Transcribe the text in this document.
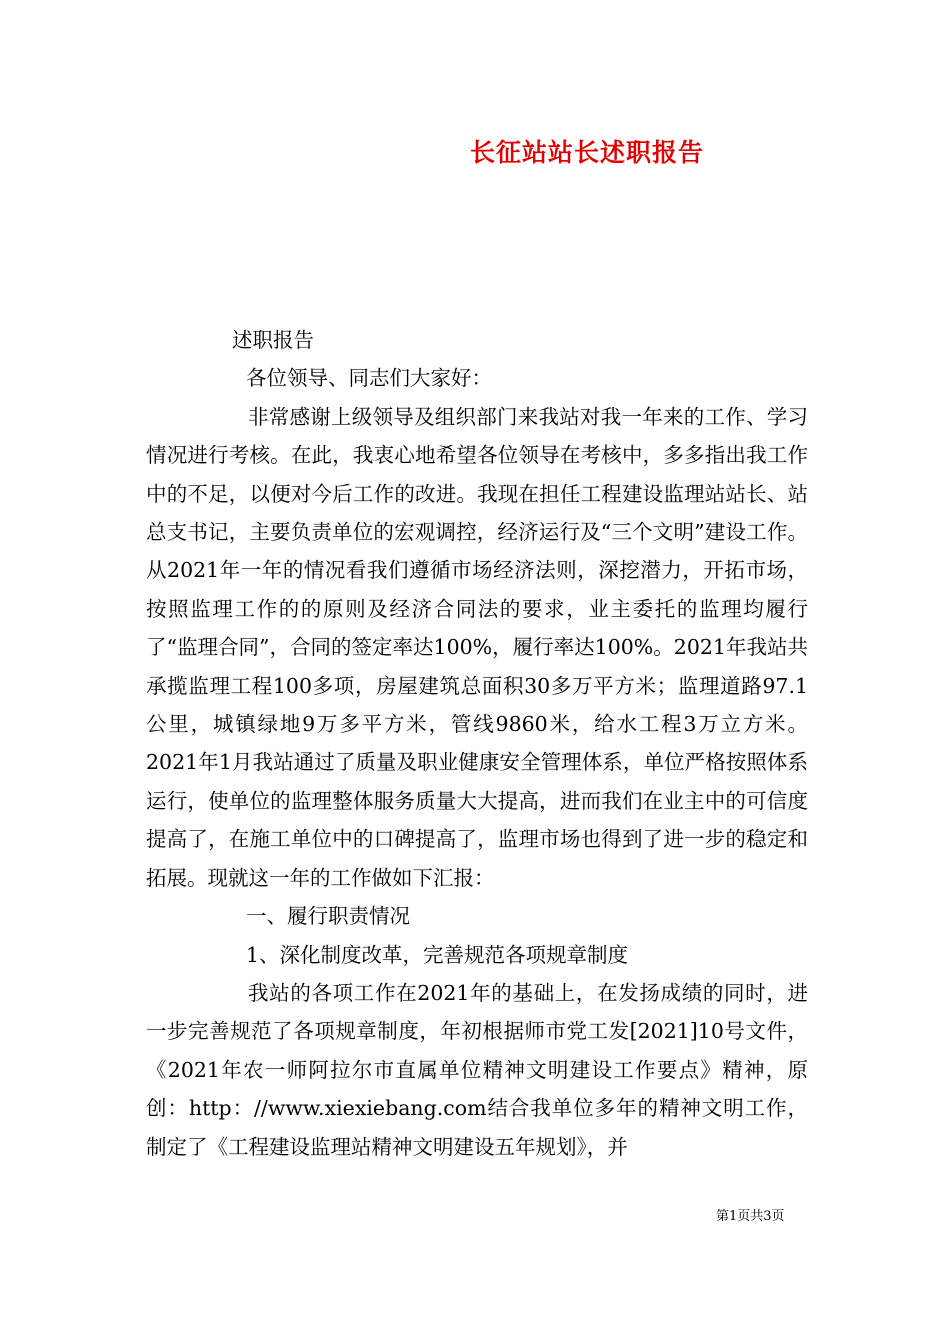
长征站站长述职报告

述职报告

各位领导、同志们大家好：

非常感谢上级领导及组织部门来我站对我一年来的工作、学习情况进行考核。在此，我衷心地希望各位领导在考核中，多多指出我工作中的不足，以便对今后工作的改进。我现在担任工程建设监理站站长、站总支书记，主要负责单位的宏观调控，经济运行及“三个文明”建设工作。从2021年一年的情况看我们遵循市场经济法则，深挖潜力，开拓市场，按照监理工作的的原则及经济合同法的要求，业主委托的监理均履行了“监理合同”，合同的签定率达100%，履行率达100%。2021年我站共承揽监理工程100多项，房屋建筑总面积30多万平方米；监理道路97.1公里，城镇绿地9万多平方米，管线9860米，给水工程3万立方米。2021年1月我站通过了质量及职业健康安全管理体系，单位严格按照体系运行，使单位的监理整体服务质量大大提高，进而我们在业主中的可信度提高了，在施工单位中的口碑提高了，监理市场也得到了进一步的稳定和拓展。现就这一年的工作做如下汇报：

一、履行职责情况

1、深化制度改革，完善规范各项规章制度

我站的各项工作在2021年的基础上，在发扬成绩的同时，进一步完善规范了各项规章制度，年初根据师市党工发[2021]10号文件，《2021年农一师阿拉尔市直属单位精神文明建设工作要点》精神，原创：http：//www.xiexiebang.com结合我单位多年的精神文明工作，制定了《工程建设监理站精神文明建设五年规划》，并

第1页共3页
